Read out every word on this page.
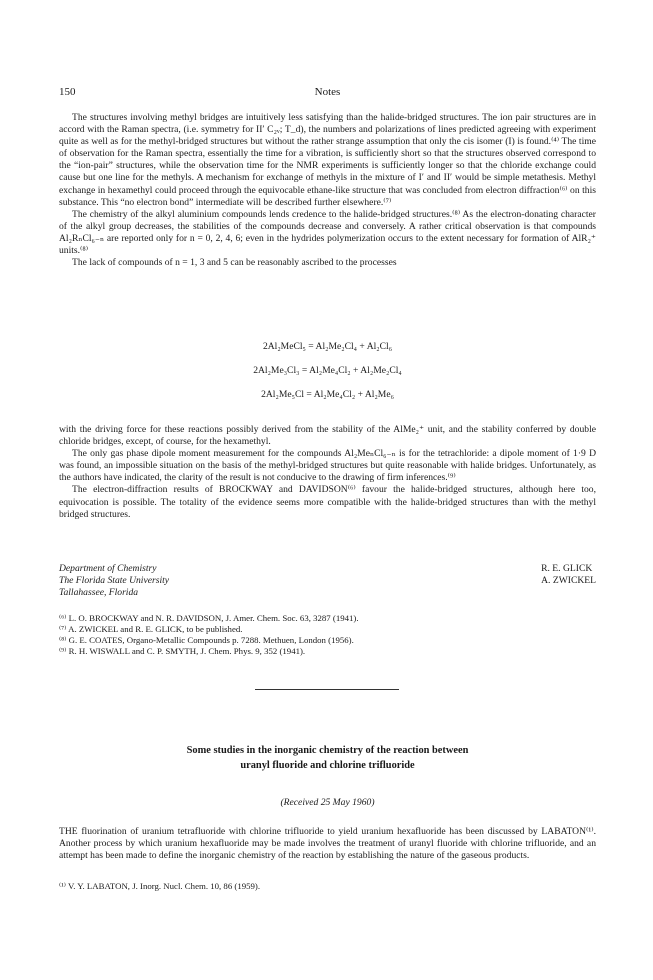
150	Notes

The structures involving methyl bridges are intuitively less satisfying than the halide-bridged structures. The ion pair structures are in accord with the Raman spectra, (i.e. symmetry for II′ C₂ᵥ; T_d), the numbers and polarizations of lines predicted agreeing with experiment quite as well as for the methyl-bridged structures but without the rather strange assumption that only the cis isomer (I) is found.⁽⁴⁾ The time of observation for the Raman spectra, essentially the time for a vibration, is sufficiently short so that the structures observed correspond to the “ion-pair” structures, while the observation time for the NMR experiments is sufficiently longer so that the chloride exchange could cause but one line for the methyls. A mechanism for exchange of methyls in the mixture of I′ and II′ would be simple metathesis. Methyl exchange in hexamethyl could proceed through the equivocable ethane-like structure that was concluded from electron diffraction⁽⁶⁾ on this substance. This “no electron bond” intermediate will be described further elsewhere.⁽⁷⁾

The chemistry of the alkyl aluminium compounds lends credence to the halide-bridged structures.⁽⁸⁾ As the electron-donating character of the alkyl group decreases, the stabilities of the compounds decrease and conversely. A rather critical observation is that compounds Al₂RₙCl₆₋ₙ are reported only for n = 0, 2, 4, 6; even in the hydrides polymerization occurs to the extent necessary for formation of AlR₂⁺ units.⁽⁸⁾

The lack of compounds of n = 1, 3 and 5 can be reasonably ascribed to the processes

2Al₂MeCl₅ = Al₂Me₂Cl₄ + Al₂Cl₆
2Al₂Me₃Cl₃ = Al₂Me₄Cl₂ + Al₂Me₂Cl₄
2Al₂Me₅Cl = Al₂Me₄Cl₂ + Al₂Me₆

with the driving force for these reactions possibly derived from the stability of the AlMe₂⁺ unit, and the stability conferred by double chloride bridges, except, of course, for the hexamethyl.

The only gas phase dipole moment measurement for the compounds Al₂MeₙCl₆₋ₙ is for the tetrachloride: a dipole moment of 1·9 D was found, an impossible situation on the basis of the methyl-bridged structures but quite reasonable with halide bridges. Unfortunately, as the authors have indicated, the clarity of the result is not conducive to the drawing of firm inferences.⁽⁹⁾

The electron-diffraction results of BROCKWAY and DAVIDSON⁽⁶⁾ favour the halide-bridged structures, although here too, equivocation is possible. The totality of the evidence seems more compatible with the halide-bridged structures than with the methyl bridged structures.

Department of Chemistry
The Florida State University
Tallahassee, Florida
R. E. GLICK
A. ZWICKEL
⁽⁶⁾ L. O. BROCKWAY and N. R. DAVIDSON, J. Amer. Chem. Soc. 63, 3287 (1941).
⁽⁷⁾ A. ZWICKEL and R. E. GLICK, to be published.
⁽⁸⁾ G. E. COATES, Organo-Metallic Compounds p. 7288. Methuen, London (1956).
⁽⁹⁾ R. H. WISWALL and C. P. SMYTH, J. Chem. Phys. 9, 352 (1941).
Some studies in the inorganic chemistry of the reaction between
uranyl fluoride and chlorine trifluoride
(Received 25 May 1960)

THE fluorination of uranium tetrafluoride with chlorine trifluoride to yield uranium hexafluoride has been discussed by LABATON⁽¹⁾. Another process by which uranium hexafluoride may be made involves the treatment of uranyl fluoride with chlorine trifluoride, and an attempt has been made to define the inorganic chemistry of the reaction by establishing the nature of the gaseous products.

⁽¹⁾ V. Y. LABATON, J. Inorg. Nucl. Chem. 10, 86 (1959).
